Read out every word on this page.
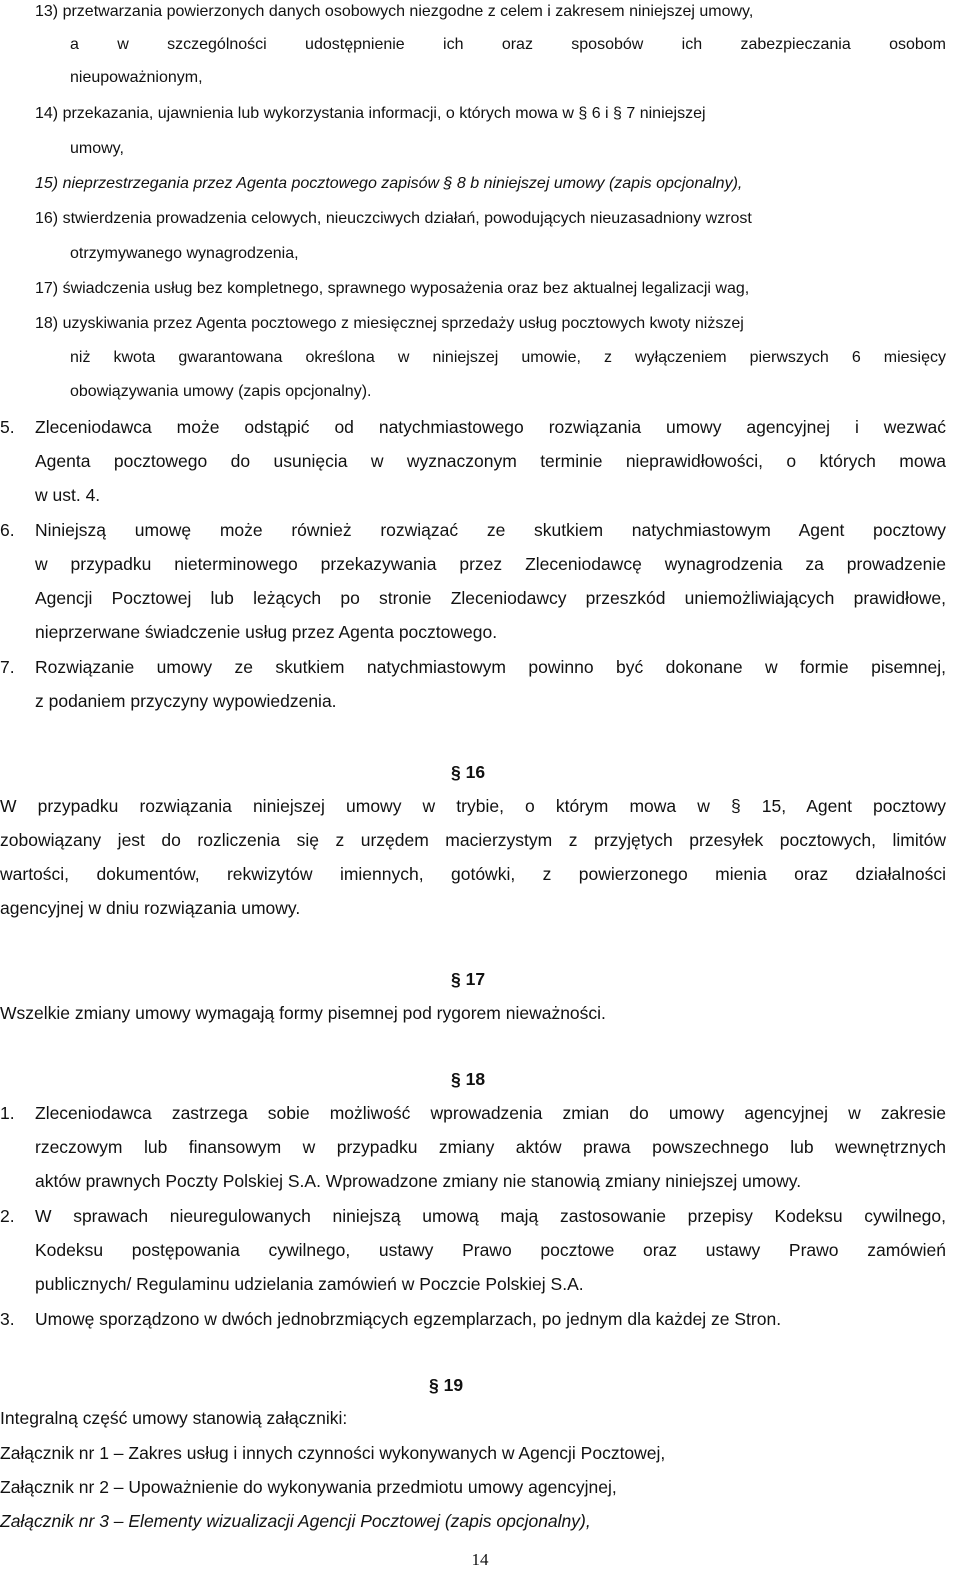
13) przetwarzania powierzonych danych osobowych niezgodne z celem i zakresem niniejszej umowy,
a w szczególności udostępnienie ich oraz sposobów ich zabezpieczania osobom
nieupoważnionym,
14) przekazania, ujawnienia lub wykorzystania informacji, o których mowa w § 6 i § 7 niniejszej
umowy,
15) nieprzestrzegania przez Agenta pocztowego zapisów § 8 b niniejszej umowy (zapis opcjonalny),
16) stwierdzenia prowadzenia celowych, nieuczciwych działań, powodujących nieuzasadniony wzrost
otrzymywanego wynagrodzenia,
17) świadczenia usług bez kompletnego, sprawnego wyposażenia oraz bez aktualnej legalizacji wag,
18) uzyskiwania przez Agenta pocztowego z miesięcznej sprzedaży usług pocztowych kwoty niższej
niż kwota gwarantowana określona w niniejszej umowie, z wyłączeniem pierwszych 6 miesięcy
obowiązywania umowy (zapis opcjonalny).
5. Zleceniodawca może odstąpić od natychmiastowego rozwiązania umowy agencyjnej i wezwać
Agenta pocztowego do usunięcia w wyznaczonym terminie nieprawidłowości, o których mowa
w ust. 4.
6. Niniejszą umowę może również rozwiązać ze skutkiem natychmiastowym Agent pocztowy
w przypadku nieterminowego przekazywania przez Zleceniodawcę wynagrodzenia za prowadzenie
Agencji Pocztowej lub leżących po stronie Zleceniodawcy przeszkód uniemożliwiających prawidłowe,
nieprzerwane świadczenie usług przez Agenta pocztowego.
7. Rozwiązanie umowy ze skutkiem natychmiastowym powinno być dokonane w formie pisemnej,
z podaniem przyczyny wypowiedzenia.
§ 16
W przypadku rozwiązania niniejszej umowy w trybie, o którym mowa w § 15, Agent pocztowy
zobowiązany jest do rozliczenia się z urzędem macierzystym z przyjętych przesyłek pocztowych, limitów
wartości, dokumentów, rekwizytów imiennych, gotówki, z powierzonego mienia oraz działalności
agencyjnej w dniu rozwiązania umowy.
§ 17
Wszelkie zmiany umowy wymagają formy pisemnej pod rygorem nieważności.
§ 18
1. Zleceniodawca zastrzega sobie możliwość wprowadzenia zmian do umowy agencyjnej w zakresie
rzeczowym lub finansowym w przypadku zmiany aktów prawa powszechnego lub wewnętrznych
aktów prawnych Poczty Polskiej S.A. Wprowadzone zmiany nie stanowią zmiany niniejszej umowy.
2. W sprawach nieuregulowanych niniejszą umową mają zastosowanie przepisy Kodeksu cywilnego,
Kodeksu postępowania cywilnego, ustawy Prawo pocztowe oraz ustawy Prawo zamówień
publicznych/ Regulaminu udzielania zamówień w Poczcie Polskiej S.A.
3. Umowę sporządzono w dwóch jednobrzmiących egzemplarzach, po jednym dla każdej ze Stron.
§ 19
Integralną część umowy stanowią załączniki:
Załącznik nr 1 – Zakres usług i innych czynności wykonywanych w Agencji Pocztowej,
Załącznik nr 2 – Upoważnienie do wykonywania przedmiotu umowy agencyjnej,
Załącznik nr 3 – Elementy wizualizacji Agencji Pocztowej (zapis opcjonalny),
14
